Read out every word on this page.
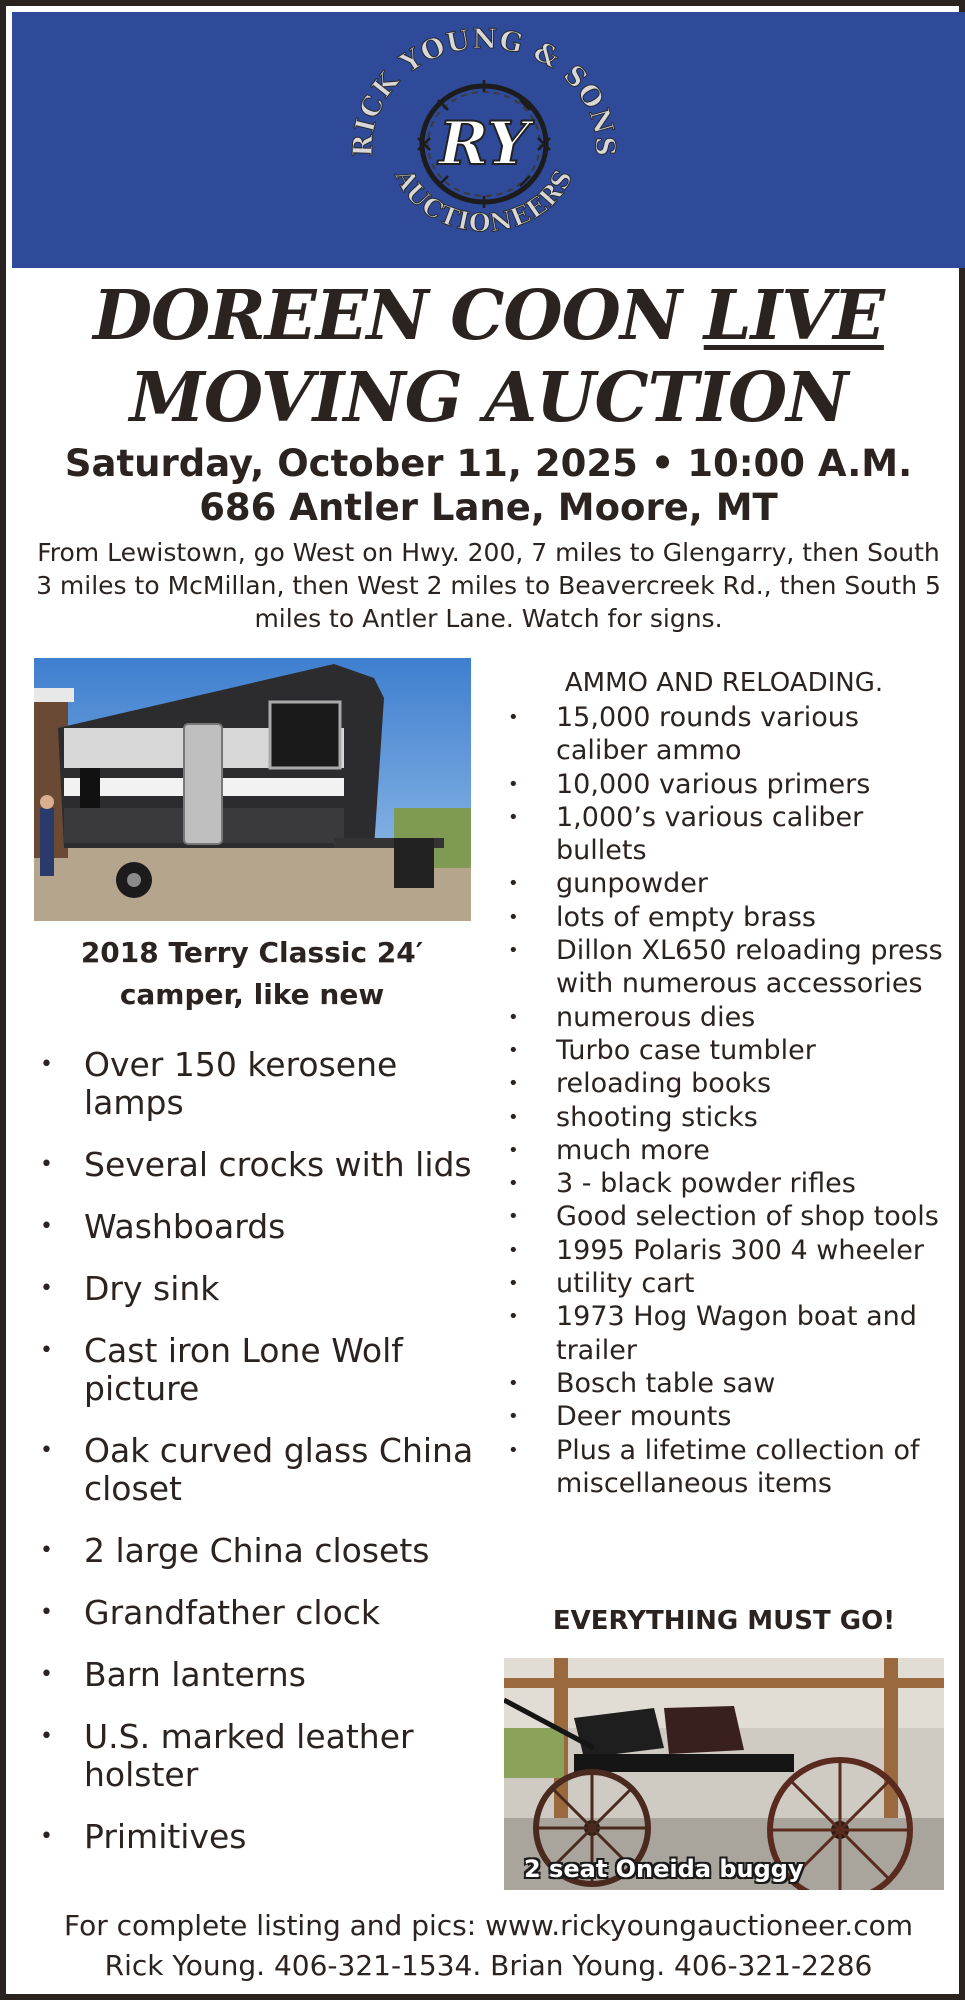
RICK YOUNG & SONS
AUCTIONEERS
RY
DOREEN COON LIVE
MOVING AUCTION
Saturday, October 11, 2025 • 10:00 A.M.
686 Antler Lane, Moore, MT
From Lewistown, go West on Hwy. 200, 7 miles to Glengarry, then South 3 miles to McMillan, then West 2 miles to Beavercreek Rd., then South 5 miles to Antler Lane. Watch for signs.
2018 Terry Classic 24′
camper, like new
• Over 150 kerosene lamps
• Several crocks with lids
• Washboards
• Dry sink
• Cast iron Lone Wolf picture
• Oak curved glass China closet
• 2 large China closets
• Grandfather clock
• Barn lanterns
• U.S. marked leather holster
• Primitives
AMMO AND RELOADING.
• 15,000 rounds various caliber ammo
• 10,000 various primers
• 1,000’s various caliber bullets
• gunpowder
• lots of empty brass
• Dillon XL650 reloading press with numerous accessories
• numerous dies
• Turbo case tumbler
• reloading books
• shooting sticks
• much more
• 3 - black powder rifles
• Good selection of shop tools
• 1995 Polaris 300 4 wheeler
• utility cart
• 1973 Hog Wagon boat and trailer
• Bosch table saw
• Deer mounts
• Plus a lifetime collection of miscellaneous items
EVERYTHING MUST GO!
2 seat Oneida buggy
For complete listing and pics: www.rickyoungauctioneer.com
Rick Young. 406-321-1534. Brian Young. 406-321-2286
